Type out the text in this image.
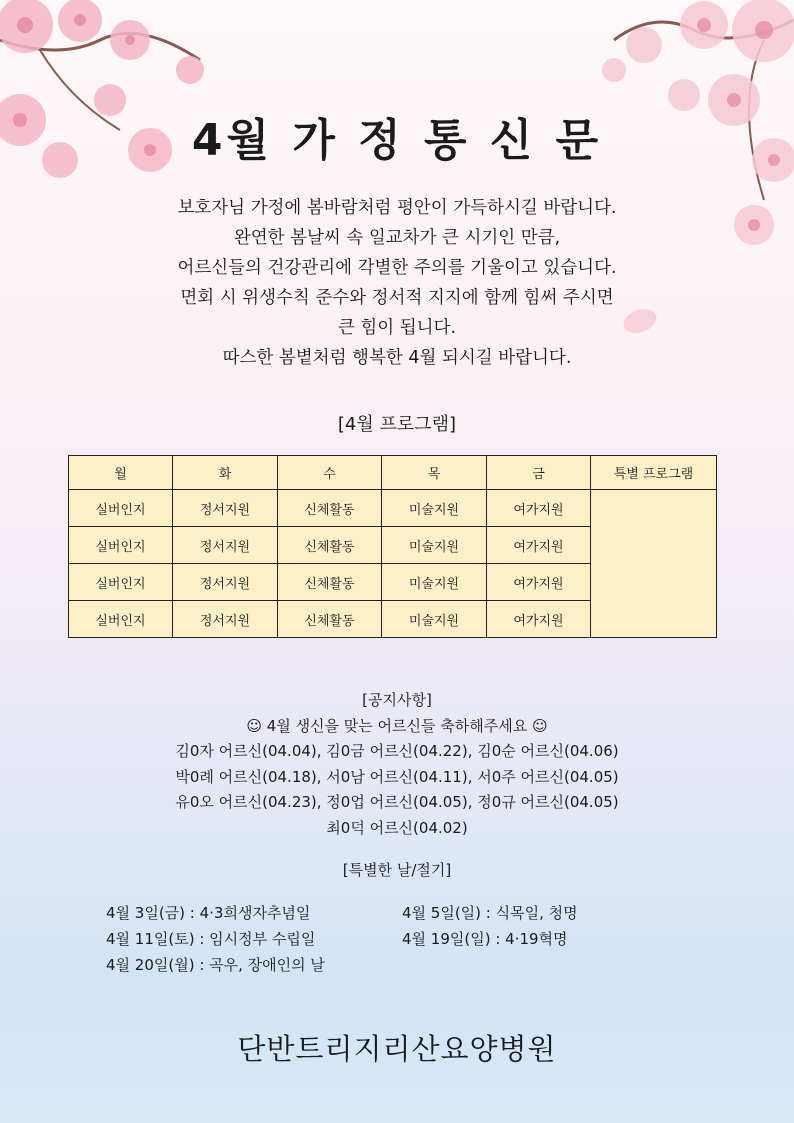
4월 가 정 통 신 문
보호자님 가정에 봄바람처럼 평안이 가득하시길 바랍니다.
완연한 봄날씨 속 일교차가 큰 시기인 만큼,
어르신들의 건강관리에 각별한 주의를 기울이고 있습니다.
면회 시 위생수칙 준수와 정서적 지지에 함께 힘써 주시면
큰 힘이 됩니다.
따스한 봄볕처럼 행복한 4월 되시길 바랍니다.
[4월 프로그램]
월	화	수	목	금	특별 프로그램
실버인지	정서지원	신체활동	미술지원	여가지원	
실버인지	정서지원	신체활동	미술지원	여가지원	
실버인지	정서지원	신체활동	미술지원	여가지원	
실버인지	정서지원	신체활동	미술지원	여가지원	
[공지사항]
☺ 4월 생신을 맞는 어르신들 축하해주세요 ☺
김0자 어르신(04.04), 김0금 어르신(04.22), 김0순 어르신(04.06)
박0례 어르신(04.18), 서0남 어르신(04.11), 서0주 어르신(04.05)
유0오 어르신(04.23), 정0업 어르신(04.05), 정0규 어르신(04.05)
최0덕 어르신(04.02)
[특별한 날/절기]
4월 3일(금) : 4·3희생자추념일
4월 11일(토) : 임시정부 수립일
4월 20일(월) : 곡우, 장애인의 날
4월 5일(일) : 식목일, 청명
4월 19일(일) : 4·19혁명
단반트리지리산요양병원
